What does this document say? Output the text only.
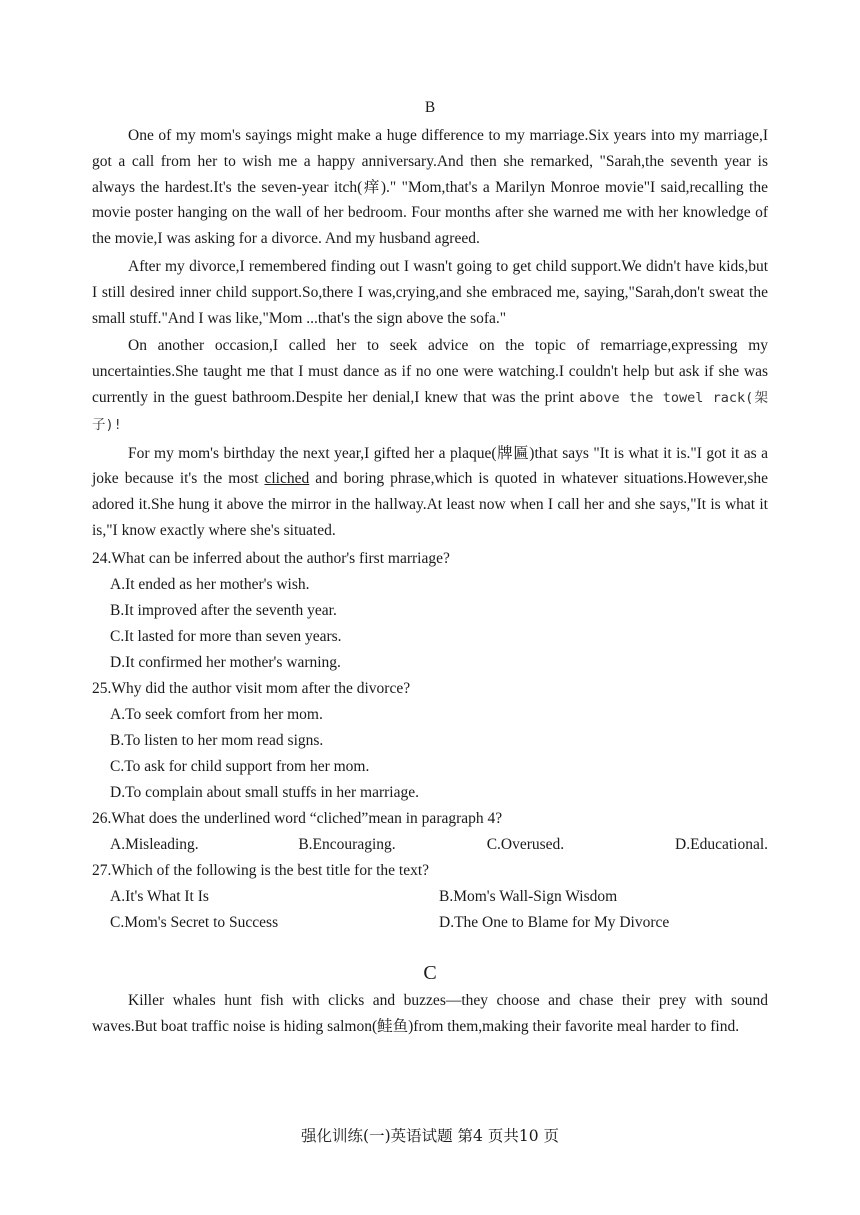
B

One of my mom's sayings might make a huge difference to my marriage.Six years into my marriage,I got a call from her to wish me a happy anniversary.And then she remarked, "Sarah,the seventh year is always the hardest.It's the seven-year itch(痒)." "Mom,that's a Marilyn Monroe movie"I said,recalling the movie poster hanging on the wall of her bedroom. Four months after she warned me with her knowledge of the movie,I was asking for a divorce. And my husband agreed.

After my divorce,I remembered finding out I wasn't going to get child support.We didn't have kids,but I still desired inner child support.So,there I was,crying,and she embraced me, saying,"Sarah,don't sweat the small stuff."And I was like,"Mom ...that's the sign above the sofa."

On another occasion,I called her to seek advice on the topic of remarriage,expressing my uncertainties.She taught me that I must dance as if no one were watching.I couldn't help but ask if she was currently in the guest bathroom.Despite her denial,I knew that was the print above the towel rack(架子)!

For my mom's birthday the next year,I gifted her a plaque(牌匾)that says "It is what it is."I got it as a joke because it's the most cliched and boring phrase,which is quoted in whatever situations.However,she adored it.She hung it above the mirror in the hallway.At least now when I call her and she says,"It is what it is,"I know exactly where she's situated.

24.What can be inferred about the author's first marriage?

A.It ended as her mother's wish.

B.It improved after the seventh year.

C.It lasted for more than seven years.

D.It confirmed her mother's warning.

25.Why did the author visit mom after the divorce?

A.To seek comfort from her mom.

B.To listen to her mom read signs.

C.To ask for child support from her mom.

D.To complain about small stuffs in her marriage.

26.What does the underlined word “cliched”mean in paragraph 4?

A.Misleading.	B.Encouraging.	C.Overused.	D.Educational.

27.Which of the following is the best title for the text?

A.It's What It Is	B.Mom's Wall-Sign Wisdom
C.Mom's Secret to Success	D.The One to Blame for My Divorce
C

Killer whales hunt fish with clicks and buzzes—they choose and chase their prey with sound waves.But boat traffic noise is hiding salmon(鲑鱼)from them,making their favorite meal harder to find.

强化训练(一)英语试题 第4 页共10 页
